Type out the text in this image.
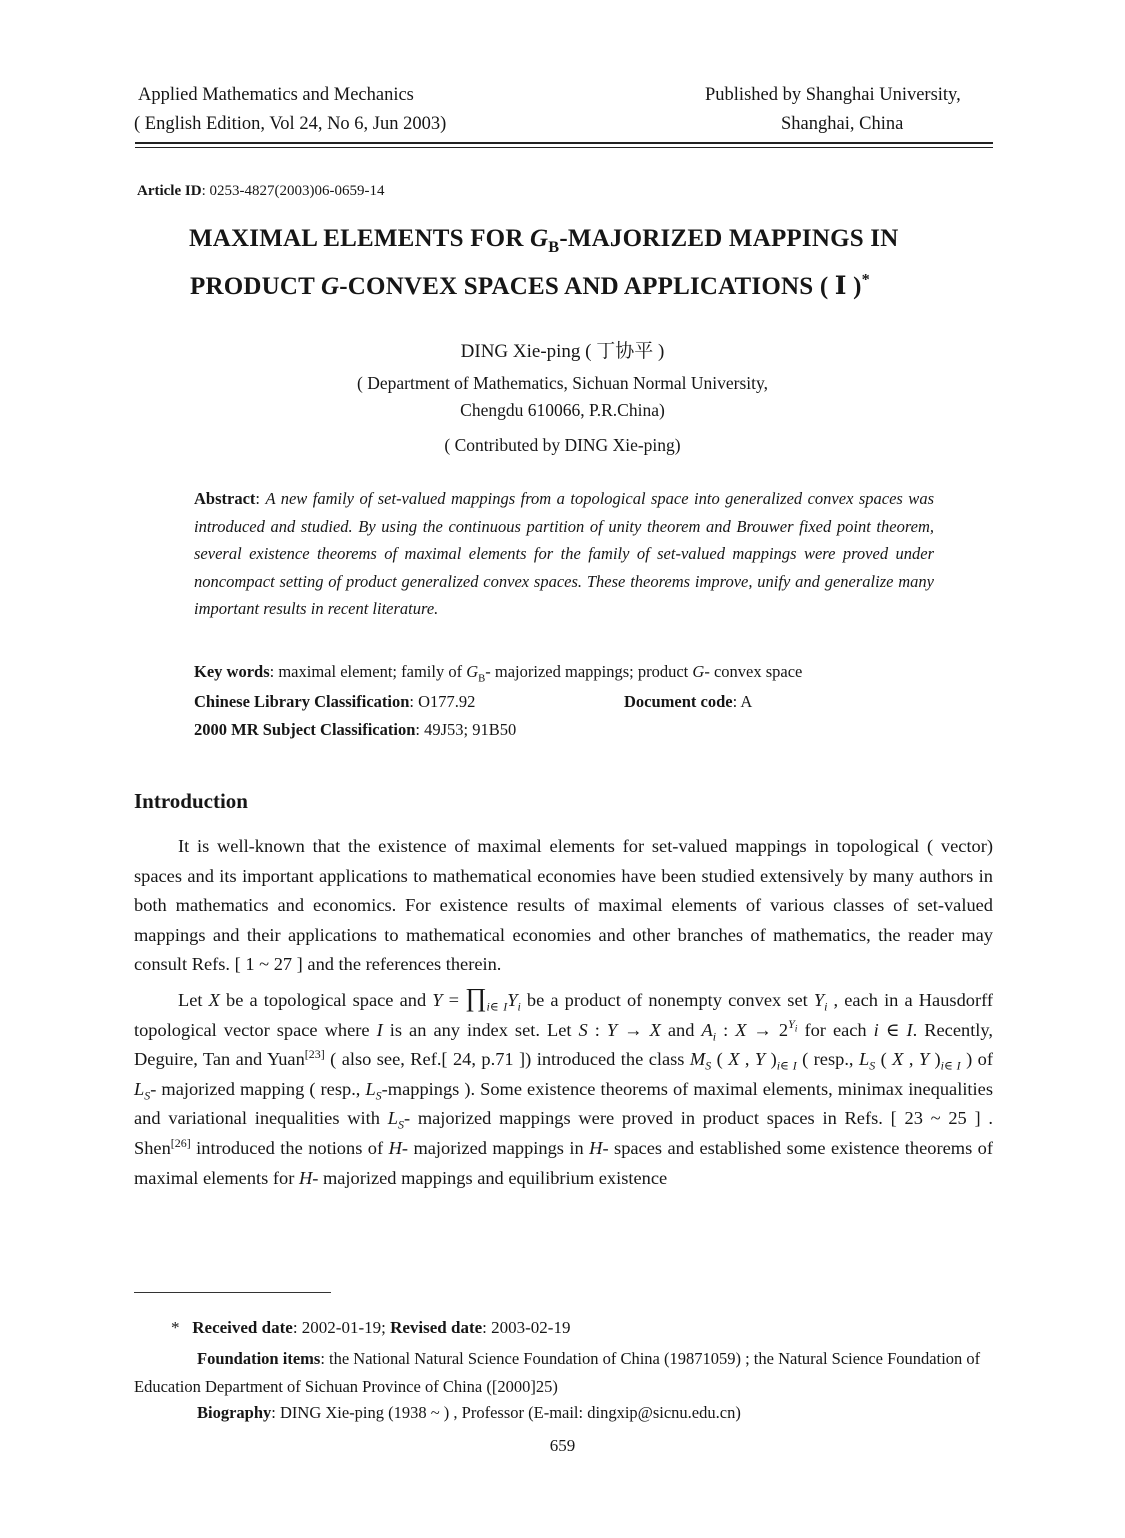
Applied Mathematics and Mechanics
( English Edition, Vol 24, No 6, Jun 2003)
Published by Shanghai University,
Shanghai, China
Article ID: 0253-4827(2003)06-0659-14
MAXIMAL ELEMENTS FOR $G_B$-MAJORIZED MAPPINGS IN
PRODUCT G-CONVEX SPACES AND APPLICATIONS ( Ⅰ )*
DING Xie-ping ( 丁协平 )
( Department of Mathematics, Sichuan Normal University,
Chengdu 610066, P.R.China)
( Contributed by DING Xie-ping)
Abstract: A new family of set-valued mappings from a topological space into generalized convex spaces was introduced and studied. By using the continuous partition of unity theorem and Brouwer fixed point theorem, several existence theorems of maximal elements for the family of set-valued mappings were proved under noncompact setting of product generalized convex spaces. These theorems improve, unify and generalize many important results in recent literature.
Key words: maximal element; family of $G_B-$ majorized mappings; product G- convex space
Chinese Library Classification: O177.92	Document code: A
2000 MR Subject Classification: 49J53; 91B50
Introduction

It is well-known that the existence of maximal elements for set-valued mappings in topological ( vector) spaces and its important applications to mathematical economies have been studied extensively by many authors in both mathematics and economics. For existence results of maximal elements of various classes of set-valued mappings and their applications to mathematical economies and other branches of mathematics, the reader may consult Refs. [ 1 ~ 27 ] and the references therein.

Let X be a topological space and $Y = \prod_{i\in I}Y_i$ be a product of nonempty convex set $Y_i$ , each in a Hausdorff topological vector space where I is an any index set. Let S : Y → X and $A_i$ : $X \to 2^{Y_i}$ for each i ∈ I. Recently, Deguire, Tan and Yuan[23] ( also see, Ref.[ 24, p.71 ]) introduced the class $M_S$ ( X , Y )$_{i\in I}$ ( resp., $L_S$ ( X , Y )$_{i\in I}$ ) of $L_S-$ majorized mapping ( resp., $L_S$-mappings ). Some existence theorems of maximal elements, minimax inequalities and variational inequalities with $L_S-$ majorized mappings were proved in product spaces in Refs. [ 23 ~ 25 ] . Shen[26] introduced the notions of H- majorized mappings in H- spaces and established some existence theorems of maximal elements for H- majorized mappings and equilibrium existence

* Received date: 2002-01-19; Revised date: 2003-02-19
Foundation items: the National Natural Science Foundation of China (19871059) ; the Natural Science Foundation of Education Department of Sichuan Province of China ([2000]25)
Biography: DING Xie-ping (1938 ~ ) , Professor (E-mail: dingxip@sicnu.edu.cn)
659
